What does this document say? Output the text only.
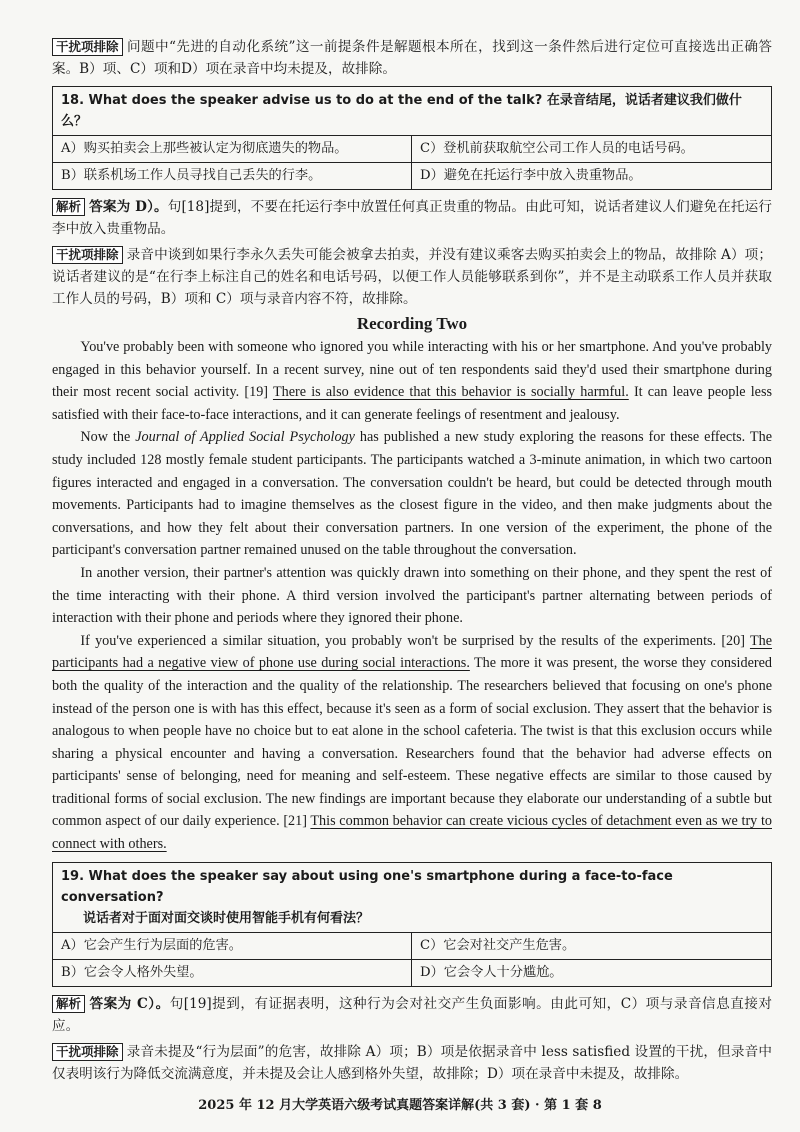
干扰项排除 问题中“先进的自动化系统”这一前提条件是解题根本所在，找到这一条件然后进行定位可直接选出正确答案。B）项、C）项和D）项在录音中均未提及，故排除。

18. What does the speaker advise us to do at the end of the talk? 在录音结尾，说话者建议我们做什么？
A）购买拍卖会上那些被认定为彻底遗失的物品。	C）登机前获取航空公司工作人员的电话号码。
B）联系机场工作人员寻找自己丢失的行李。	D）避免在托运行李中放入贵重物品。

解析 答案为 D）。句[18]提到，不要在托运行李中放置任何真正贵重的物品。由此可知，说话者建议人们避免在托运行李中放入贵重物品。

干扰项排除 录音中谈到如果行李永久丢失可能会被拿去拍卖，并没有建议乘客去购买拍卖会上的物品，故排除 A）项；说话者建议的是“在行李上标注自己的姓名和电话号码，以便工作人员能够联系到你”，并不是主动联系工作人员并获取工作人员的号码，B）项和 C）项与录音内容不符，故排除。

Recording Two

You've probably been with someone who ignored you while interacting with his or her smartphone. And you've probably engaged in this behavior yourself. In a recent survey, nine out of ten respondents said they'd used their smartphone during their most recent social activity. [19] There is also evidence that this behavior is socially harmful. It can leave people less satisfied with their face-to-face interactions, and it can generate feelings of resentment and jealousy.

Now the Journal of Applied Social Psychology has published a new study exploring the reasons for these effects. The study included 128 mostly female student participants. The participants watched a 3-minute animation, in which two cartoon figures interacted and engaged in a conversation. The conversation couldn't be heard, but could be detected through mouth movements. Participants had to imagine themselves as the closest figure in the video, and then make judgments about the conversations, and how they felt about their conversation partners. In one version of the experiment, the phone of the participant's conversation partner remained unused on the table throughout the conversation.

In another version, their partner's attention was quickly drawn into something on their phone, and they spent the rest of the time interacting with their phone. A third version involved the participant's partner alternating between periods of interaction with their phone and periods where they ignored their phone.

If you've experienced a similar situation, you probably won't be surprised by the results of the experiments. [20] The participants had a negative view of phone use during social interactions. The more it was present, the worse they considered both the quality of the interaction and the quality of the relationship. The researchers believed that focusing on one's phone instead of the person one is with has this effect, because it's seen as a form of social exclusion. They assert that the behavior is analogous to when people have no choice but to eat alone in the school cafeteria. The twist is that this exclusion occurs while sharing a physical encounter and having a conversation. Researchers found that the behavior had adverse effects on participants' sense of belonging, need for meaning and self-esteem. These negative effects are similar to those caused by traditional forms of social exclusion. The new findings are important because they elaborate our understanding of a subtle but common aspect of our daily experience. [21] This common behavior can create vicious cycles of detachment even as we try to connect with others.

19. What does the speaker say about using one's smartphone during a face-to-face conversation?
说话者对于面对面交谈时使用智能手机有何看法？
A）它会产生行为层面的危害。	C）它会对社交产生危害。
B）它会令人格外失望。	D）它会令人十分尴尬。

解析 答案为 C）。句[19]提到，有证据表明，这种行为会对社交产生负面影响。由此可知，C）项与录音信息直接对应。

干扰项排除 录音未提及“行为层面”的危害，故排除 A）项；B）项是依据录音中 less satisfied 设置的干扰，但录音中仅表明该行为降低交流满意度，并未提及会让人感到格外失望，故排除；D）项在录音中未提及，故排除。

2025 年 12 月大学英语六级考试真题答案详解(共 3 套) · 第 1 套 8
